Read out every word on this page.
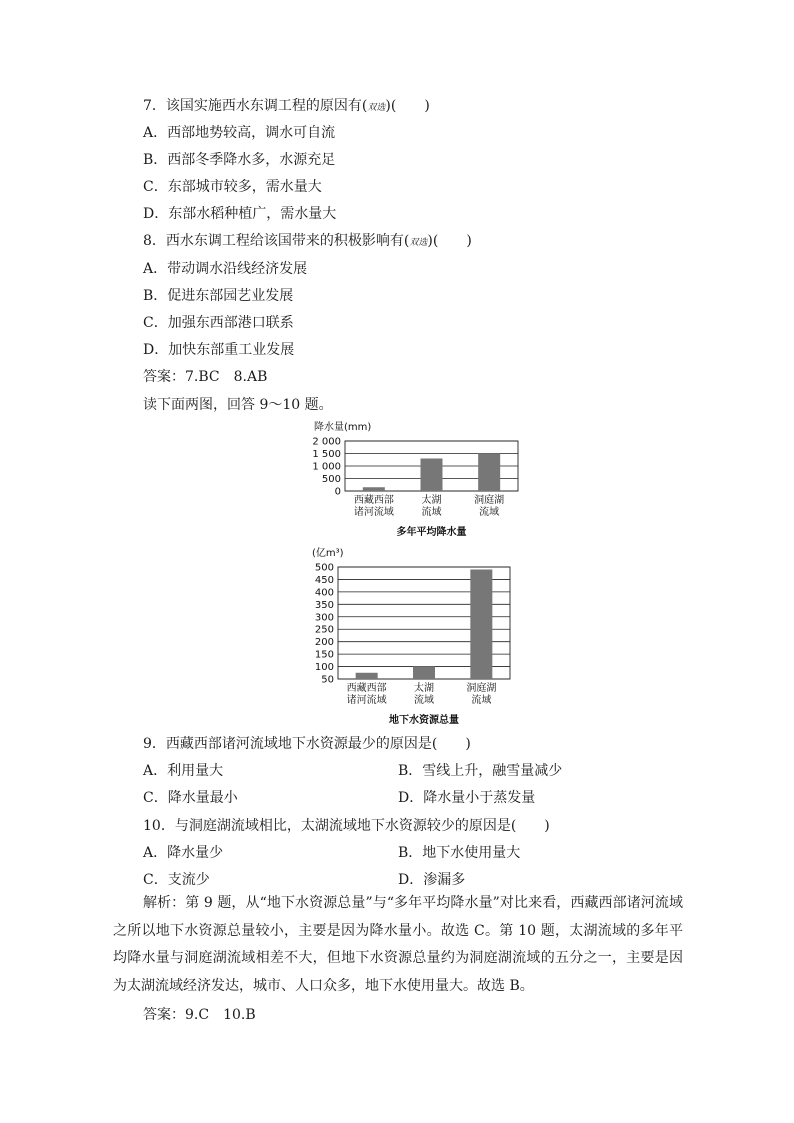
7．该国实施西水东调工程的原因有(双选)(　　)
A．西部地势较高，调水可自流
B．西部冬季降水多，水源充足
C．东部城市较多，需水量大
D．东部水稻种植广，需水量大
8．西水东调工程给该国带来的积极影响有(双选)(　　)
A．带动调水沿线经济发展
B．促进东部园艺业发展
C．加强东西部港口联系
D．加快东部重工业发展
答案：7.BC　8.AB
读下面两图，回答 9～10 题。
降水量(mm)
0
500
1 000
1 500
2 000
西藏西部
诸河流域
太湖
流域
洞庭湖
流域
多年平均降水量
(亿m³)
50
100
150
200
250
300
350
400
450
500
西藏西部
诸河流域
太湖
流域
洞庭湖
流域
地下水资源总量
9．西藏西部诸河流域地下水资源最少的原因是(　　)
A．利用量大	B．雪线上升，融雪量减少
C．降水量最小	D．降水量小于蒸发量
10．与洞庭湖流域相比，太湖流域地下水资源较少的原因是(　　)
A．降水量少	B．地下水使用量大
C．支流少	D．渗漏多
解析：第 9 题，从“地下水资源总量”与“多年平均降水量”对比来看，西藏西部诸河流域之所以地下水资源总量较小，主要是因为降水量小。故选 C。第 10 题，太湖流域的多年平均降水量与洞庭湖流域相差不大，但地下水资源总量约为洞庭湖流域的五分之一，主要是因为太湖流域经济发达，城市、人口众多，地下水使用量大。故选 B。
答案：9.C　10.B
